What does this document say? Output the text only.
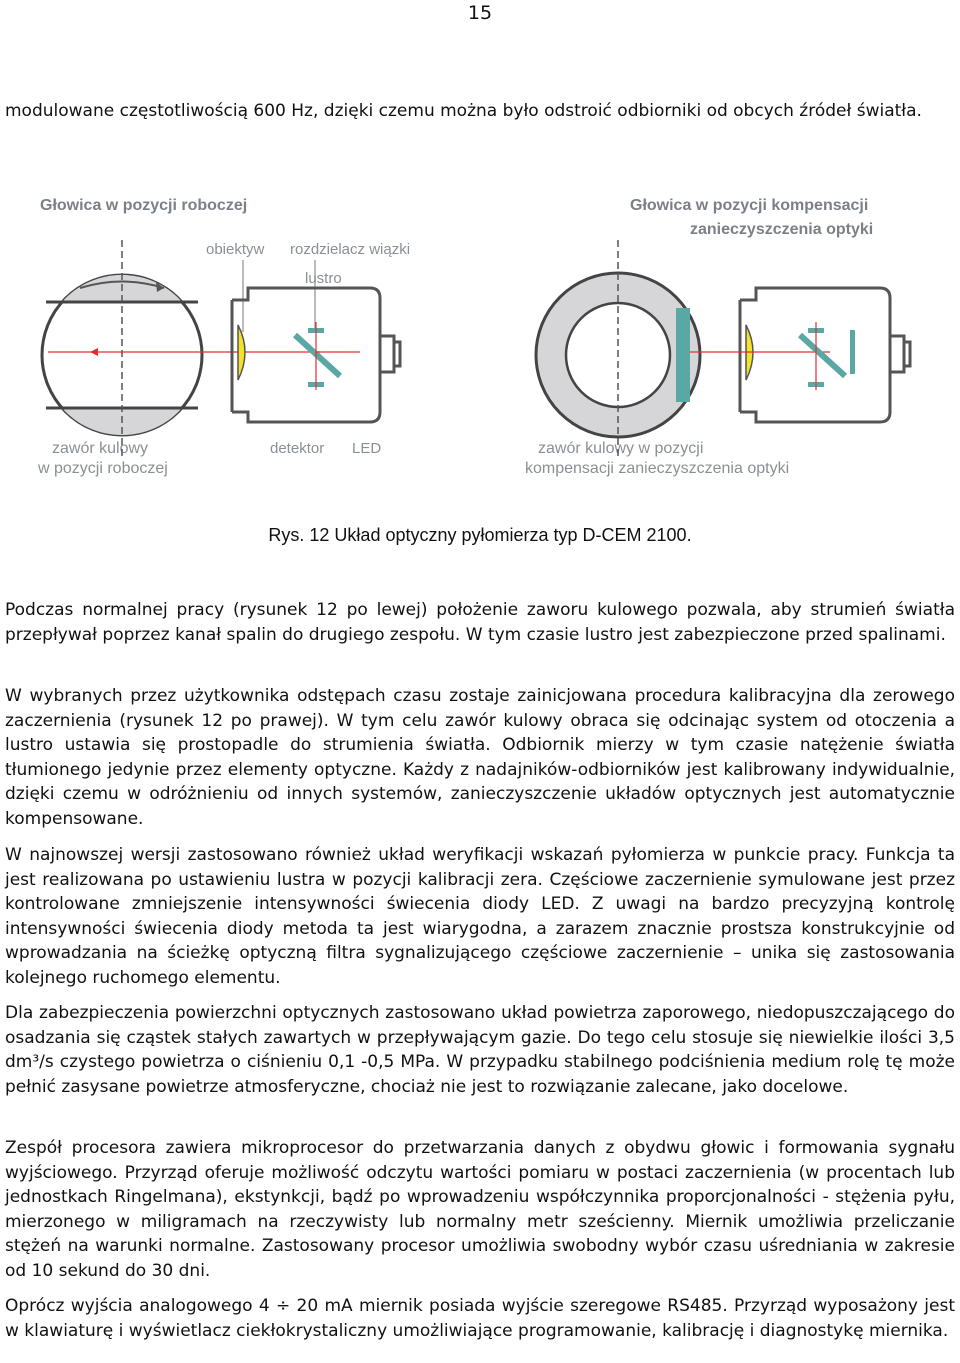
15

modulowane częstotliwością 600 Hz, dzięki czemu można było odstroić odbiorniki od obcych źródeł światła.

Głowica w pozycji roboczej	Głowica w pozycji kompensacji
zanieczyszczenia optyki
obiektyw rozdzielacz wiązki
lustro
detektor LED
zawór kulowy
w pozycji roboczej
zawór kulowy w pozycji
kompensacji zanieczyszczenia optyki
Rys. 12 Układ optyczny pyłomierza typ D-CEM 2100.

Podczas normalnej pracy (rysunek 12 po lewej) położenie zaworu kulowego pozwala, aby strumień światła przepływał poprzez kanał spalin do drugiego zespołu. W tym czasie lustro jest zabezpieczone przed spalinami.

W wybranych przez użytkownika odstępach czasu zostaje zainicjowana procedura kalibracyjna dla zerowego zaczernienia (rysunek 12 po prawej). W tym celu zawór kulowy obraca się odcinając system od otoczenia a lustro ustawia się prostopadle do strumienia światła. Odbiornik mierzy w tym czasie natężenie światła tłumionego jedynie przez elementy optyczne. Każdy z nadajników-odbiorników jest kalibrowany indywidualnie, dzięki czemu w odróżnieniu od innych systemów, zanieczyszczenie układów optycznych jest automatycznie kompensowane.

W najnowszej wersji zastosowano również układ weryfikacji wskazań pyłomierza w punkcie pracy. Funkcja ta jest realizowana po ustawieniu lustra w pozycji kalibracji zera. Częściowe zaczernienie symulowane jest przez kontrolowane zmniejszenie intensywności świecenia diody LED. Z uwagi na bardzo precyzyjną kontrolę intensywności świecenia diody metoda ta jest wiarygodna, a zarazem znacznie prostsza konstrukcyjnie od wprowadzania na ścieżkę optyczną filtra sygnalizującego częściowe zaczernienie – unika się zastosowania kolejnego ruchomego elementu.

Dla zabezpieczenia powierzchni optycznych zastosowano układ powietrza zaporowego, niedopuszczającego do osadzania się cząstek stałych zawartych w przepływającym gazie. Do tego celu stosuje się niewielkie ilości 3,5 dm³/s czystego powietrza o ciśnieniu 0,1 -0,5 MPa. W przypadku stabilnego podciśnienia medium rolę tę może pełnić zasysane powietrze atmosferyczne, chociaż nie jest to rozwiązanie zalecane, jako docelowe.

Zespół procesora zawiera mikroprocesor do przetwarzania danych z obydwu głowic i formowania sygnału wyjściowego. Przyrząd oferuje możliwość odczytu wartości pomiaru w postaci zaczernienia (w procentach lub jednostkach Ringelmana), ekstynkcji, bądź po wprowadzeniu współczynnika proporcjonalności - stężenia pyłu, mierzonego w miligramach na rzeczywisty lub normalny metr sześcienny. Miernik umożliwia przeliczanie stężeń na warunki normalne. Zastosowany procesor umożliwia swobodny wybór czasu uśredniania w zakresie od 10 sekund do 30 dni.

Oprócz wyjścia analogowego 4 ÷ 20 mA miernik posiada wyjście szeregowe RS485. Przyrząd wyposażony jest w klawiaturę i wyświetlacz ciekłokrystaliczny umożliwiające programowanie, kalibrację i diagnostykę miernika.
